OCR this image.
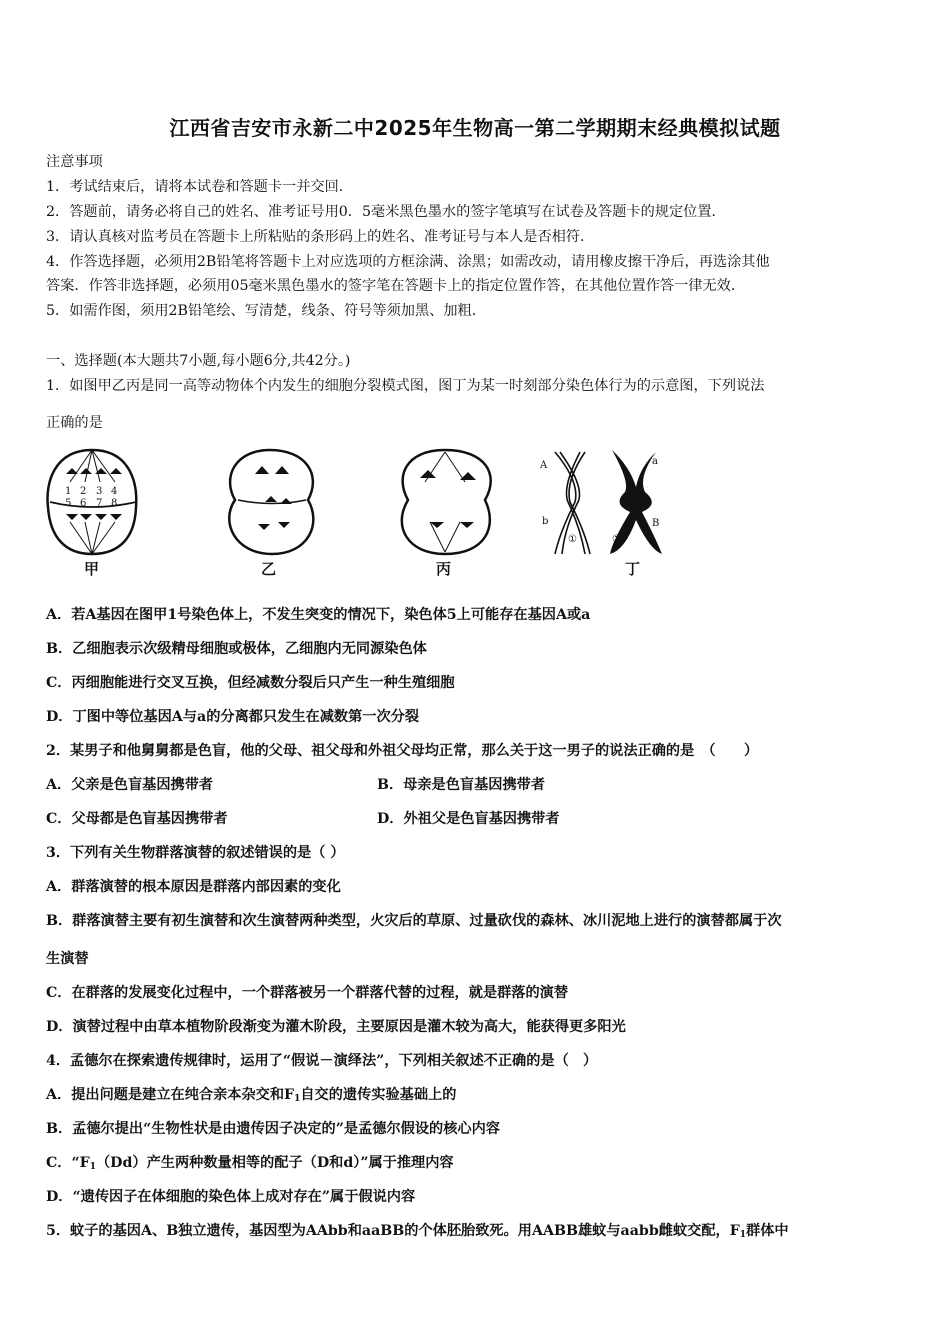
江西省吉安市永新二中2025年生物高一第二学期期末经典模拟试题
注意事项
1．考试结束后，请将本试卷和答题卡一并交回．
2．答题前，请务必将自己的姓名、准考证号用0．5毫米黑色墨水的签字笔填写在试卷及答题卡的规定位置．
3．请认真核对监考员在答题卡上所粘贴的条形码上的姓名、准考证号与本人是否相符．
4．作答选择题，必须用2B铅笔将答题卡上对应选项的方框涂满、涂黑；如需改动，请用橡皮擦干净后，再选涂其他
答案．作答非选择题，必须用05毫米黑色墨水的签字笔在答题卡上的指定位置作答，在其他位置作答一律无效．
5．如需作图，须用2B铅笔绘、写清楚，线条、符号等须加黑、加粗．
一、选择题(本大题共7小题,每小题6分,共42分。)
1．如图甲乙丙是同一高等动物体个内发生的细胞分裂模式图，图丁为某一时刻部分染色体行为的示意图，下列说法
正确的是
1 2 3 4
5 6 7 8
A	a
b	B
①	②
甲	乙	丙	丁
A．若A基因在图甲1号染色体上，不发生突变的情况下，染色体5上可能存在基因A或a
B．乙细胞表示次级精母细胞或极体，乙细胞内无同源染色体
C．丙细胞能进行交叉互换，但经减数分裂后只产生一种生殖细胞
D．丁图中等位基因A与a的分离都只发生在减数第一次分裂
2．某男子和他舅舅都是色盲，他的父母、祖父母和外祖父母均正常，那么关于这一男子的说法正确的是　（　　）
A．父亲是色盲基因携带者	B．母亲是色盲基因携带者
C．父母都是色盲基因携带者	D．外祖父是色盲基因携带者
3．下列有关生物群落演替的叙述错误的是（ ）
A．群落演替的根本原因是群落内部因素的变化
B．群落演替主要有初生演替和次生演替两种类型，火灾后的草原、过量砍伐的森林、冰川泥地上进行的演替都属于次
生演替
C．在群落的发展变化过程中，一个群落被另一个群落代替的过程，就是群落的演替
D．演替过程中由草本植物阶段渐变为灌木阶段，主要原因是灌木较为高大，能获得更多阳光
4．孟德尔在探索遗传规律时，运用了“假说－演绎法”，下列相关叙述不正确的是（　）
A．提出问题是建立在纯合亲本杂交和$F_1$自交的遗传实验基础上的
B．孟德尔提出“生物性状是由遗传因子决定的”是孟德尔假设的核心内容
C．“$F_1(Dd)$产生两种数量相等的配子（D和d）”属于推理内容
D．“遗传因子在体细胞的染色体上成对存在”属于假说内容
5．蚊子的基因A、B独立遗传，基因型为AAbb和aaBB的个体胚胎致死。用AABB雄蚊与aabb雌蚊交配，$F_1$群体中
